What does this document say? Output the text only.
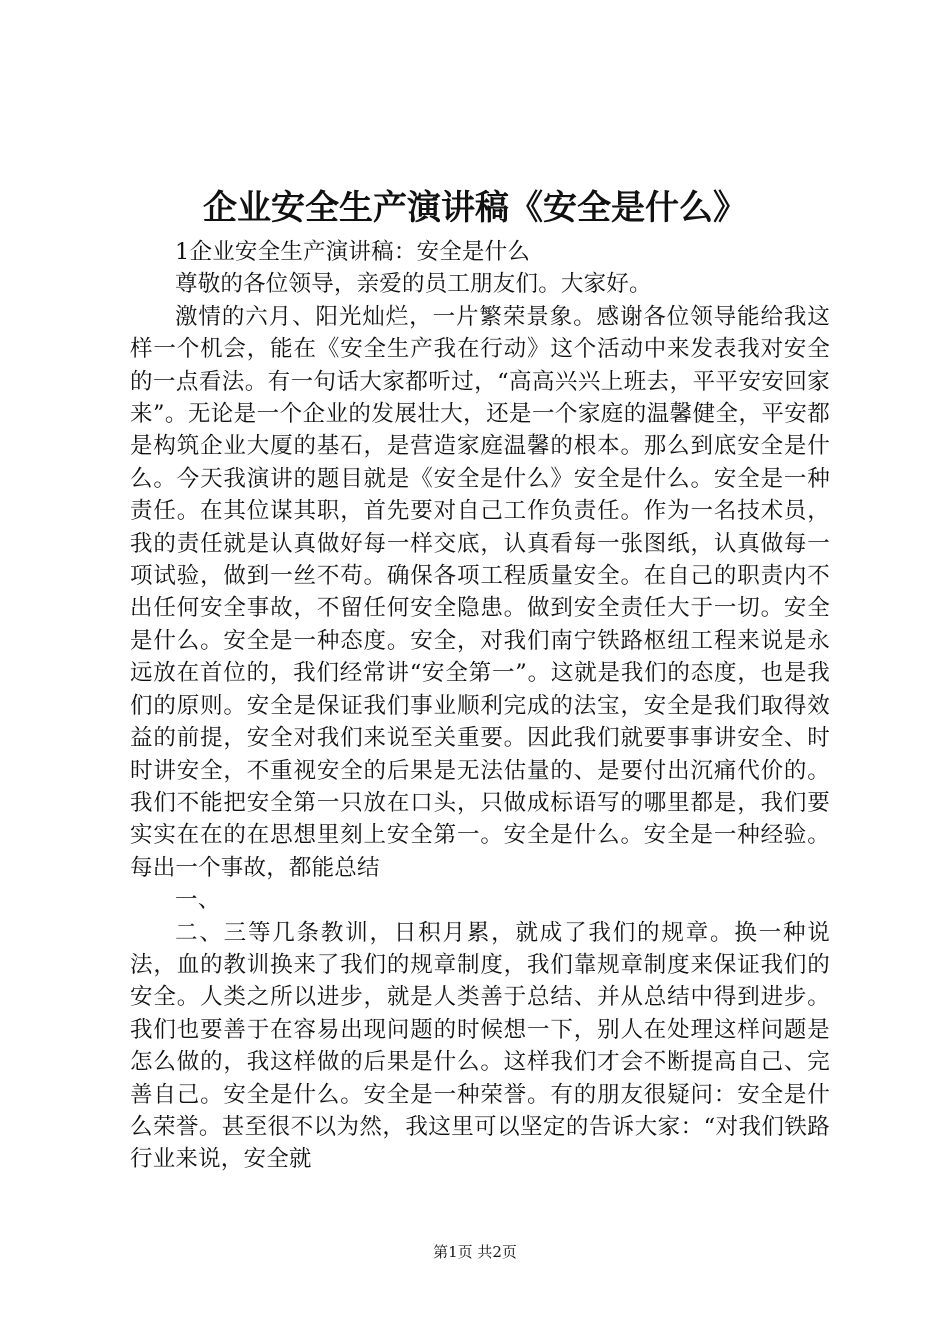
企业安全生产演讲稿《安全是什么》

1企业安全生产演讲稿：安全是什么

尊敬的各位领导，亲爱的员工朋友们。大家好。

激情的六月、阳光灿烂，一片繁荣景象。感谢各位领导能给我这样一个机会，能在《安全生产我在行动》这个活动中来发表我对安全的一点看法。有一句话大家都听过，“高高兴兴上班去，平平安安回家来”。无论是一个企业的发展壮大，还是一个家庭的温馨健全，平安都是构筑企业大厦的基石，是营造家庭温馨的根本。那么到底安全是什么。今天我演讲的题目就是《安全是什么》安全是什么。安全是一种责任。在其位谋其职，首先要对自己工作负责任。作为一名技术员，我的责任就是认真做好每一样交底，认真看每一张图纸，认真做每一项试验，做到一丝不苟。确保各项工程质量安全。在自己的职责内不出任何安全事故，不留任何安全隐患。做到安全责任大于一切。安全是什么。安全是一种态度。安全，对我们南宁铁路枢纽工程来说是永远放在首位的，我们经常讲“安全第一”。这就是我们的态度，也是我们的原则。安全是保证我们事业顺利完成的法宝，安全是我们取得效益的前提，安全对我们来说至关重要。因此我们就要事事讲安全、时时讲安全，不重视安全的后果是无法估量的、是要付出沉痛代价的。我们不能把安全第一只放在口头，只做成标语写的哪里都是，我们要实实在在的在思想里刻上安全第一。安全是什么。安全是一种经验。每出一个事故，都能总结

一、

二、三等几条教训，日积月累，就成了我们的规章。换一种说法，血的教训换来了我们的规章制度，我们靠规章制度来保证我们的安全。人类之所以进步，就是人类善于总结、并从总结中得到进步。我们也要善于在容易出现问题的时候想一下，别人在处理这样问题是怎么做的，我这样做的后果是什么。这样我们才会不断提高自己、完善自己。安全是什么。安全是一种荣誉。有的朋友很疑问：安全是什么荣誉。甚至很不以为然，我这里可以坚定的告诉大家：“对我们铁路行业来说，安全就

第1页 共2页
